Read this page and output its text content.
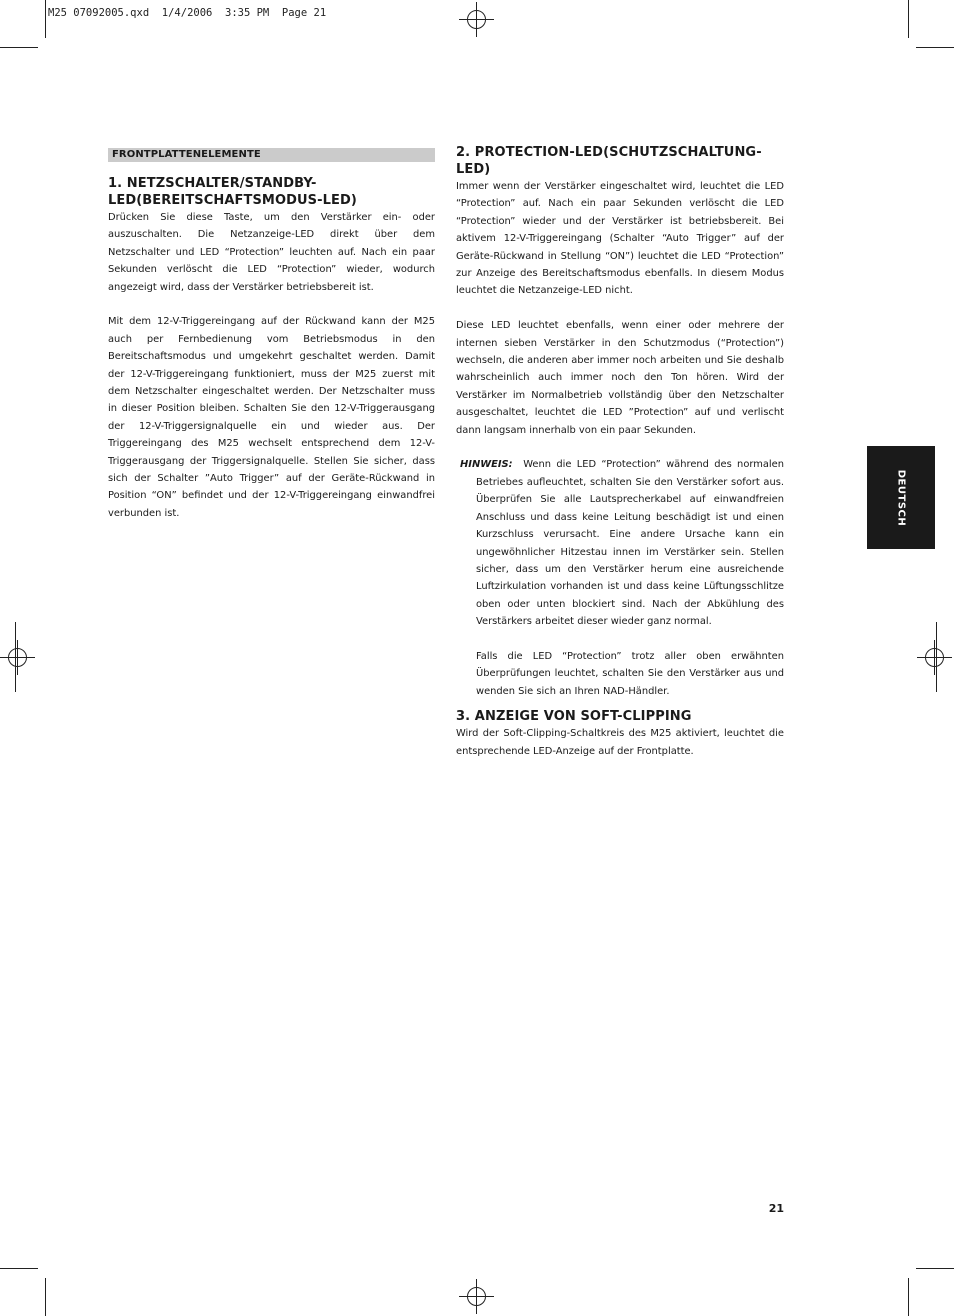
M25 07092005.qxd  1/4/2006  3:35 PM  Page 21
FRONTPLATTENELEMENTE
1. NETZSCHALTER/STANDBY-
LED(BEREITSCHAFTSMODUS-LED)

Drücken Sie diese Taste, um den Verstärker ein- oder auszuschalten. Die Netzanzeige-LED direkt über dem Netzschalter und LED “Protection” leuchten auf. Nach ein paar Sekunden verlöscht die LED “Protection” wieder, wodurch angezeigt wird, dass der Verstärker betriebsbereit ist.

Mit dem 12-V-Triggereingang auf der Rückwand kann der M25 auch per Fernbedienung vom Betriebsmodus in den Bereitschaftsmodus und umgekehrt geschaltet werden. Damit der 12-V-Triggereingang funktioniert, muss der M25 zuerst mit dem Netzschalter eingeschaltet werden. Der Netzschalter muss in dieser Position bleiben. Schalten Sie den 12-V-Triggerausgang der 12-V-Triggersignalquelle ein und wieder aus. Der Triggereingang des M25 wechselt entsprechend dem 12-V-Triggerausgang der Triggersignalquelle. Stellen Sie sicher, dass sich der Schalter ”Auto Trigger” auf der Geräte-Rückwand in Position “ON” befindet und der 12-V-Triggereingang einwandfrei verbunden ist.

2. PROTECTION-LED(SCHUTZSCHALTUNG-LED)

Immer wenn der Verstärker eingeschaltet wird, leuchtet die LED “Protection” auf. Nach ein paar Sekunden verlöscht die LED “Protection” wieder und der Verstärker ist betriebsbereit. Bei aktivem 12-V-Triggereingang (Schalter “Auto Trigger” auf der Geräte-Rückwand in Stellung “ON”) leuchtet die LED “Protection” zur Anzeige des Bereitschaftsmodus ebenfalls. In diesem Modus leuchtet die Netzanzeige-LED nicht.

Diese LED leuchtet ebenfalls, wenn einer oder mehrere der internen sieben Verstärker in den Schutzmodus (“Protection”) wechseln, die anderen aber immer noch arbeiten und Sie deshalb wahrscheinlich auch immer noch den Ton hören. Wird der Verstärker im Normalbetrieb vollständig über den Netzschalter ausgeschaltet, leuchtet die LED ”Protection” auf und verlischt dann langsam innerhalb von ein paar Sekunden.

HINWEIS: Wenn die LED “Protection” während des normalen Betriebes aufleuchtet, schalten Sie den Verstärker sofort aus. Überprüfen Sie alle Lautsprecherkabel auf einwandfreien Anschluss und dass keine Leitung beschädigt ist und einen Kurzschluss verursacht. Eine andere Ursache kann ein ungewöhnlicher Hitzestau innen im Verstärker sein. Stellen sicher, dass um den Verstärker herum eine ausreichende Luftzirkulation vorhanden ist und dass keine Lüftungsschlitze oben oder unten blockiert sind. Nach der Abkühlung des Verstärkers arbeitet dieser wieder ganz normal.

Falls die LED “Protection” trotz aller oben erwähnten Überprüfungen leuchtet, schalten Sie den Verstärker aus und wenden Sie sich an Ihren NAD-Händler.

3. ANZEIGE VON SOFT-CLIPPING

Wird der Soft-Clipping-Schaltkreis des M25 aktiviert, leuchtet die entsprechende LED-Anzeige auf der Frontplatte.

DEUTSCH
21
